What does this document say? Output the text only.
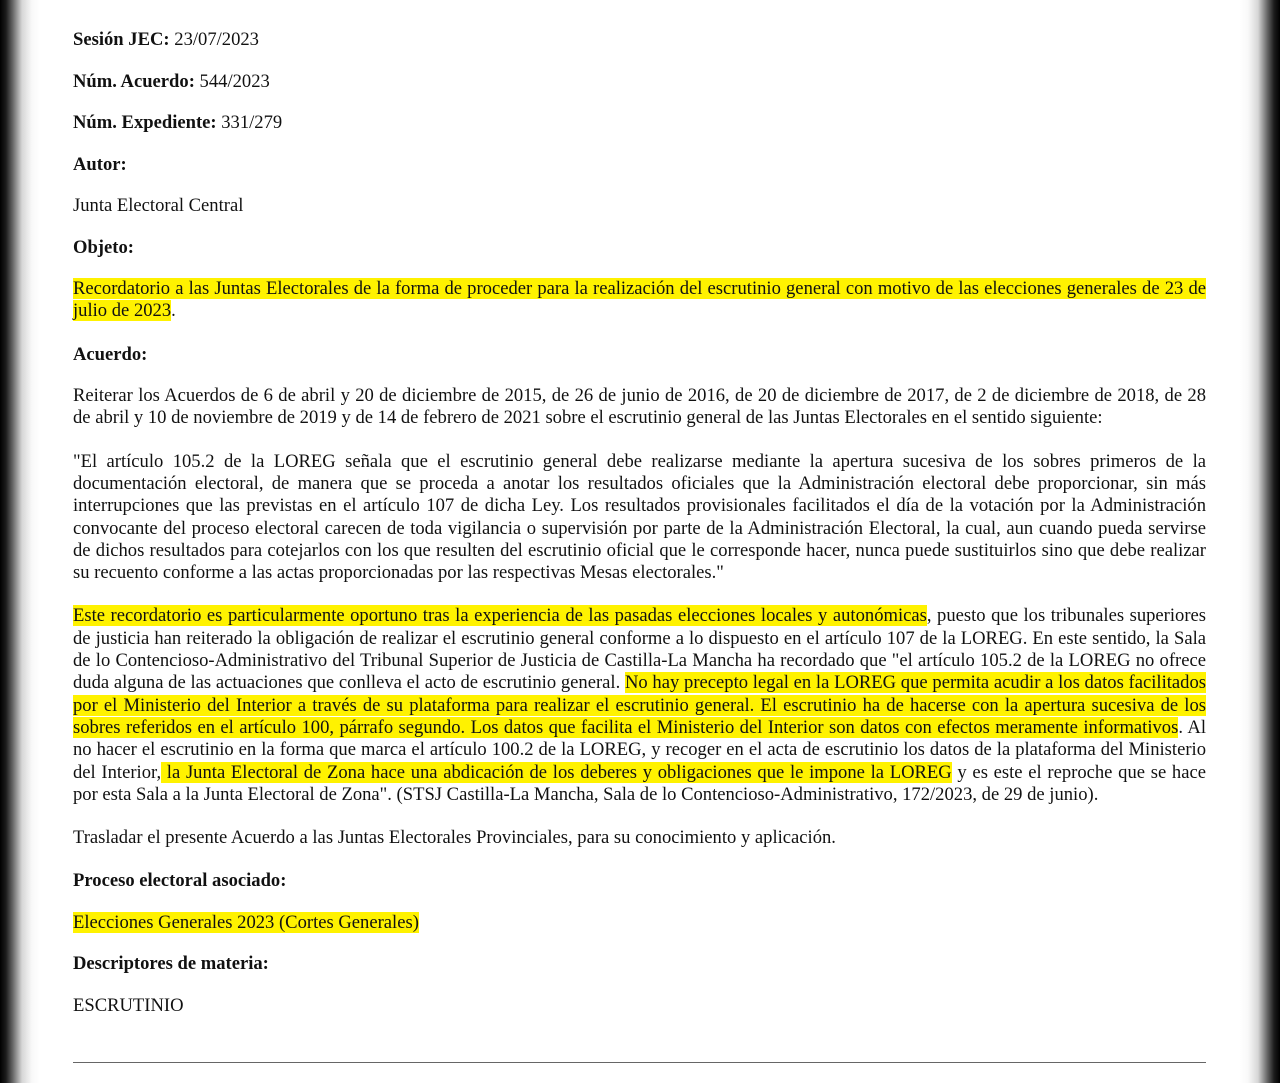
Sesión JEC: 23/07/2023
Núm. Acuerdo: 544/2023
Núm. Expediente: 331/279
Autor:
Junta Electoral Central
Objeto:
Recordatorio a las Juntas Electorales de la forma de proceder para la realización del escrutinio general con motivo de las elecciones generales de 23 de julio de 2023.
Acuerdo:
Reiterar los Acuerdos de 6 de abril y 20 de diciembre de 2015, de 26 de junio de 2016, de 20 de diciembre de 2017, de 2 de diciembre de 2018, de 28 de abril y 10 de noviembre de 2019 y de 14 de febrero de 2021 sobre el escrutinio general de las Juntas Electorales en el sentido siguiente:
"El artículo 105.2 de la LOREG señala que el escrutinio general debe realizarse mediante la apertura sucesiva de los sobres primeros de la documentación electoral, de manera que se proceda a anotar los resultados oficiales que la Administración electoral debe proporcionar, sin más interrupciones que las previstas en el artículo 107 de dicha Ley. Los resultados provisionales facilitados el día de la votación por la Administración convocante del proceso electoral carecen de toda vigilancia o supervisión por parte de la Administración Electoral, la cual, aun cuando pueda servirse de dichos resultados para cotejarlos con los que resulten del escrutinio oficial que le corresponde hacer, nunca puede sustituirlos sino que debe realizar su recuento conforme a las actas proporcionadas por las respectivas Mesas electorales."
Este recordatorio es particularmente oportuno tras la experiencia de las pasadas elecciones locales y autonómicas, puesto que los tribunales superiores de justicia han reiterado la obligación de realizar el escrutinio general conforme a lo dispuesto en el artículo 107 de la LOREG. En este sentido, la Sala de lo Contencioso-Administrativo del Tribunal Superior de Justicia de Castilla-La Mancha ha recordado que "el artículo 105.2 de la LOREG no ofrece duda alguna de las actuaciones que conlleva el acto de escrutinio general. No hay precepto legal en la LOREG que permita acudir a los datos facilitados por el Ministerio del Interior a través de su plataforma para realizar el escrutinio general. El escrutinio ha de hacerse con la apertura sucesiva de los sobres referidos en el artículo 100, párrafo segundo. Los datos que facilita el Ministerio del Interior son datos con efectos meramente informativos. Al no hacer el escrutinio en la forma que marca el artículo 100.2 de la LOREG, y recoger en el acta de escrutinio los datos de la plataforma del Ministerio del Interior, la Junta Electoral de Zona hace una abdicación de los deberes y obligaciones que le impone la LOREG y es este el reproche que se hace por esta Sala a la Junta Electoral de Zona". (STSJ Castilla-La Mancha, Sala de lo Contencioso-Administrativo, 172/2023, de 29 de junio).
Trasladar el presente Acuerdo a las Juntas Electorales Provinciales, para su conocimiento y aplicación.
Proceso electoral asociado:
Elecciones Generales 2023 (Cortes Generales)
Descriptores de materia:
ESCRUTINIO
